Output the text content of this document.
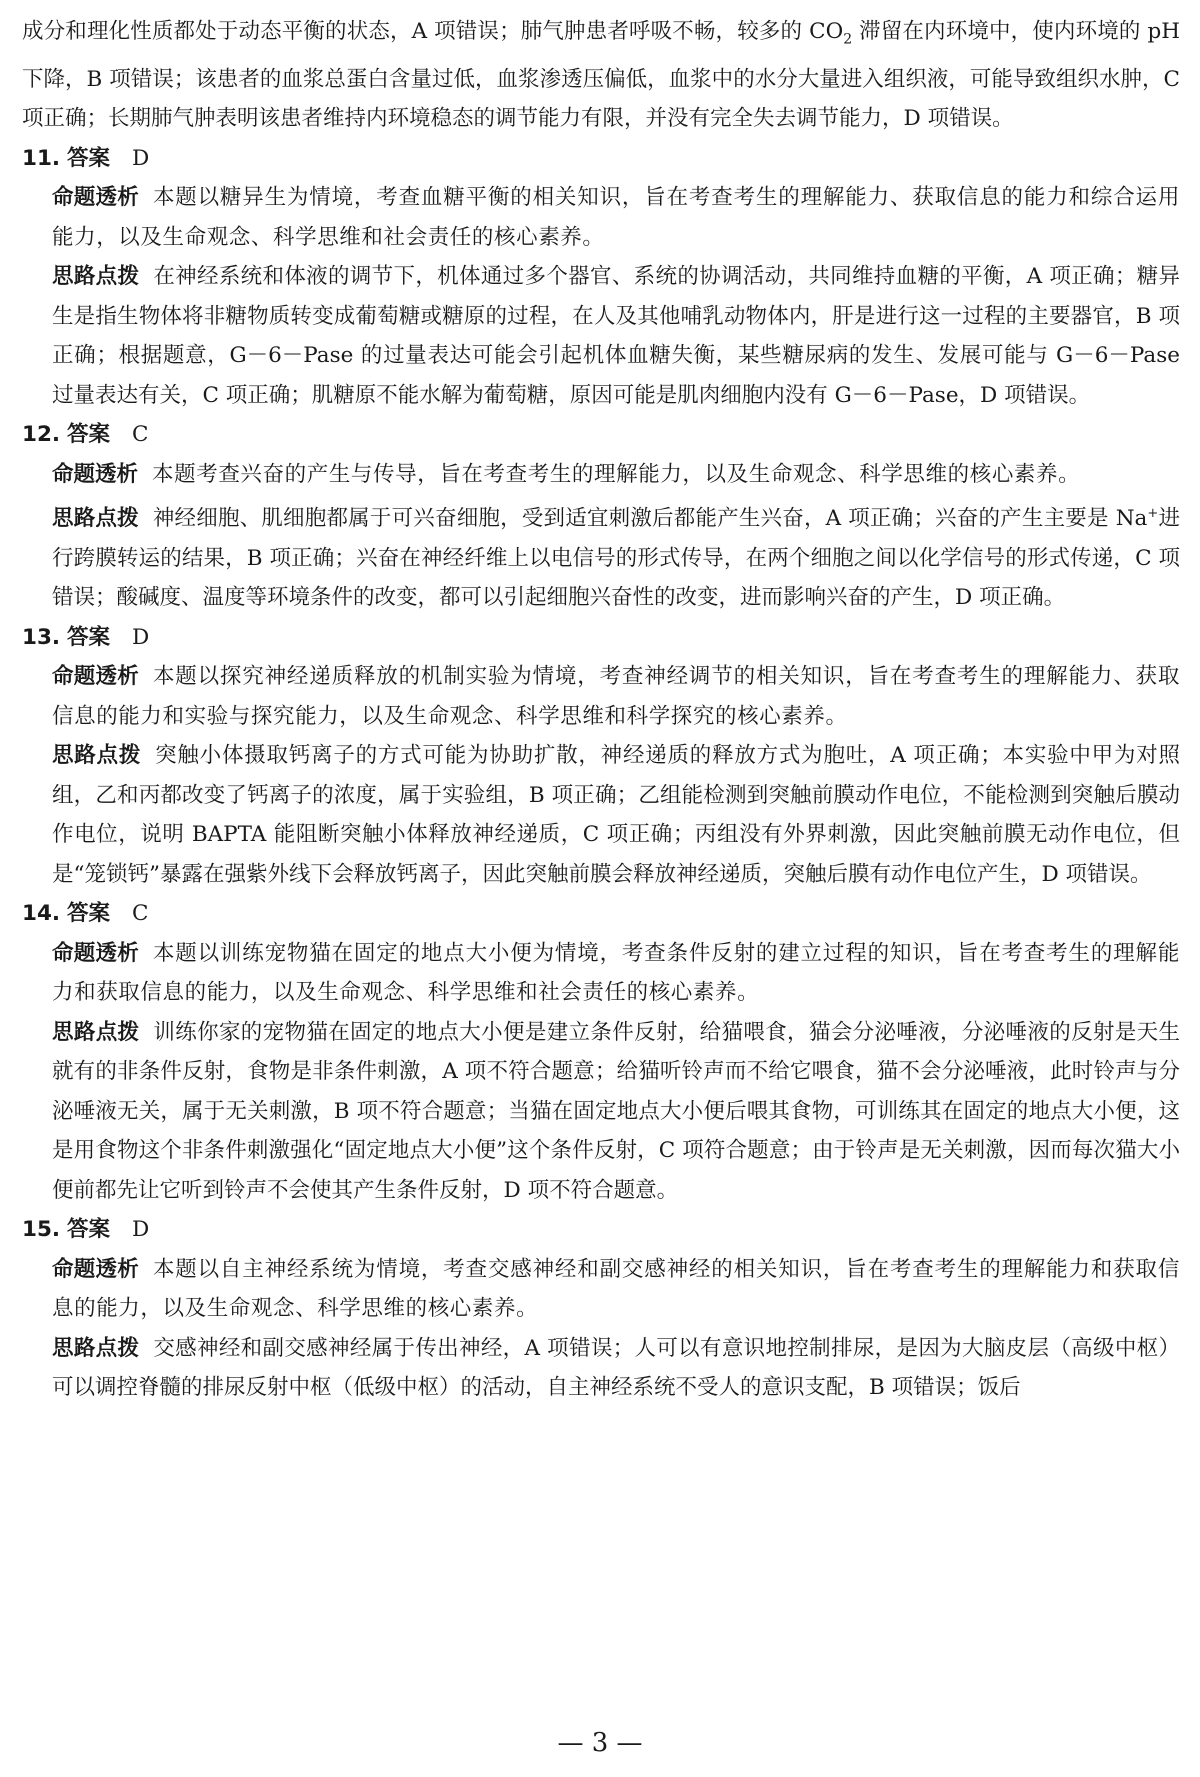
成分和理化性质都处于动态平衡的状态，A 项错误；肺气肿患者呼吸不畅，较多的 $CO_2$ 滞留在内环境中，使内环境的 pH 下降，B 项错误；该患者的血浆总蛋白含量过低，血浆渗透压偏低，血浆中的水分大量进入组织液，可能导致组织水肿，C 项正确；长期肺气肿表明该患者维持内环境稳态的调节能力有限，并没有完全失去调节能力，D 项错误。

11. 答案 D

命题透析 本题以糖异生为情境，考查血糖平衡的相关知识，旨在考查考生的理解能力、获取信息的能力和综合运用能力，以及生命观念、科学思维和社会责任的核心素养。

思路点拨 在神经系统和体液的调节下，机体通过多个器官、系统的协调活动，共同维持血糖的平衡，A 项正确；糖异生是指生物体将非糖物质转变成葡萄糖或糖原的过程，在人及其他哺乳动物体内，肝是进行这一过程的主要器官，B 项正确；根据题意，G－6－Pase 的过量表达可能会引起机体血糖失衡，某些糖尿病的发生、发展可能与 G－6－Pase 过量表达有关，C 项正确；肌糖原不能水解为葡萄糖，原因可能是肌肉细胞内没有 G－6－Pase，D 项错误。

12. 答案 C

命题透析 本题考查兴奋的产生与传导，旨在考查考生的理解能力，以及生命观念、科学思维的核心素养。

思路点拨 神经细胞、肌细胞都属于可兴奋细胞，受到适宜刺激后都能产生兴奋，A 项正确；兴奋的产生主要是 Na+进行跨膜转运的结果，B 项正确；兴奋在神经纤维上以电信号的形式传导，在两个细胞之间以化学信号的形式传递，C 项错误；酸碱度、温度等环境条件的改变，都可以引起细胞兴奋性的改变，进而影响兴奋的产生，D 项正确。

13. 答案 D

命题透析 本题以探究神经递质释放的机制实验为情境，考查神经调节的相关知识，旨在考查考生的理解能力、获取信息的能力和实验与探究能力，以及生命观念、科学思维和科学探究的核心素养。

思路点拨 突触小体摄取钙离子的方式可能为协助扩散，神经递质的释放方式为胞吐，A 项正确；本实验中甲为对照组，乙和丙都改变了钙离子的浓度，属于实验组，B 项正确；乙组能检测到突触前膜动作电位，不能检测到突触后膜动作电位，说明 BAPTA 能阻断突触小体释放神经递质，C 项正确；丙组没有外界刺激，因此突触前膜无动作电位，但是“笼锁钙”暴露在强紫外线下会释放钙离子，因此突触前膜会释放神经递质，突触后膜有动作电位产生，D 项错误。

14. 答案 C

命题透析 本题以训练宠物猫在固定的地点大小便为情境，考查条件反射的建立过程的知识，旨在考查考生的理解能力和获取信息的能力，以及生命观念、科学思维和社会责任的核心素养。

思路点拨 训练你家的宠物猫在固定的地点大小便是建立条件反射，给猫喂食，猫会分泌唾液，分泌唾液的反射是天生就有的非条件反射，食物是非条件刺激，A 项不符合题意；给猫听铃声而不给它喂食，猫不会分泌唾液，此时铃声与分泌唾液无关，属于无关刺激，B 项不符合题意；当猫在固定地点大小便后喂其食物，可训练其在固定的地点大小便，这是用食物这个非条件刺激强化“固定地点大小便”这个条件反射，C 项符合题意；由于铃声是无关刺激，因而每次猫大小便前都先让它听到铃声不会使其产生条件反射，D 项不符合题意。

15. 答案 D

命题透析 本题以自主神经系统为情境，考查交感神经和副交感神经的相关知识，旨在考查考生的理解能力和获取信息的能力，以及生命观念、科学思维的核心素养。

思路点拨 交感神经和副交感神经属于传出神经，A 项错误；人可以有意识地控制排尿，是因为大脑皮层（高级中枢）可以调控脊髓的排尿反射中枢（低级中枢）的活动，自主神经系统不受人的意识支配，B 项错误；饭后

— 3 —
